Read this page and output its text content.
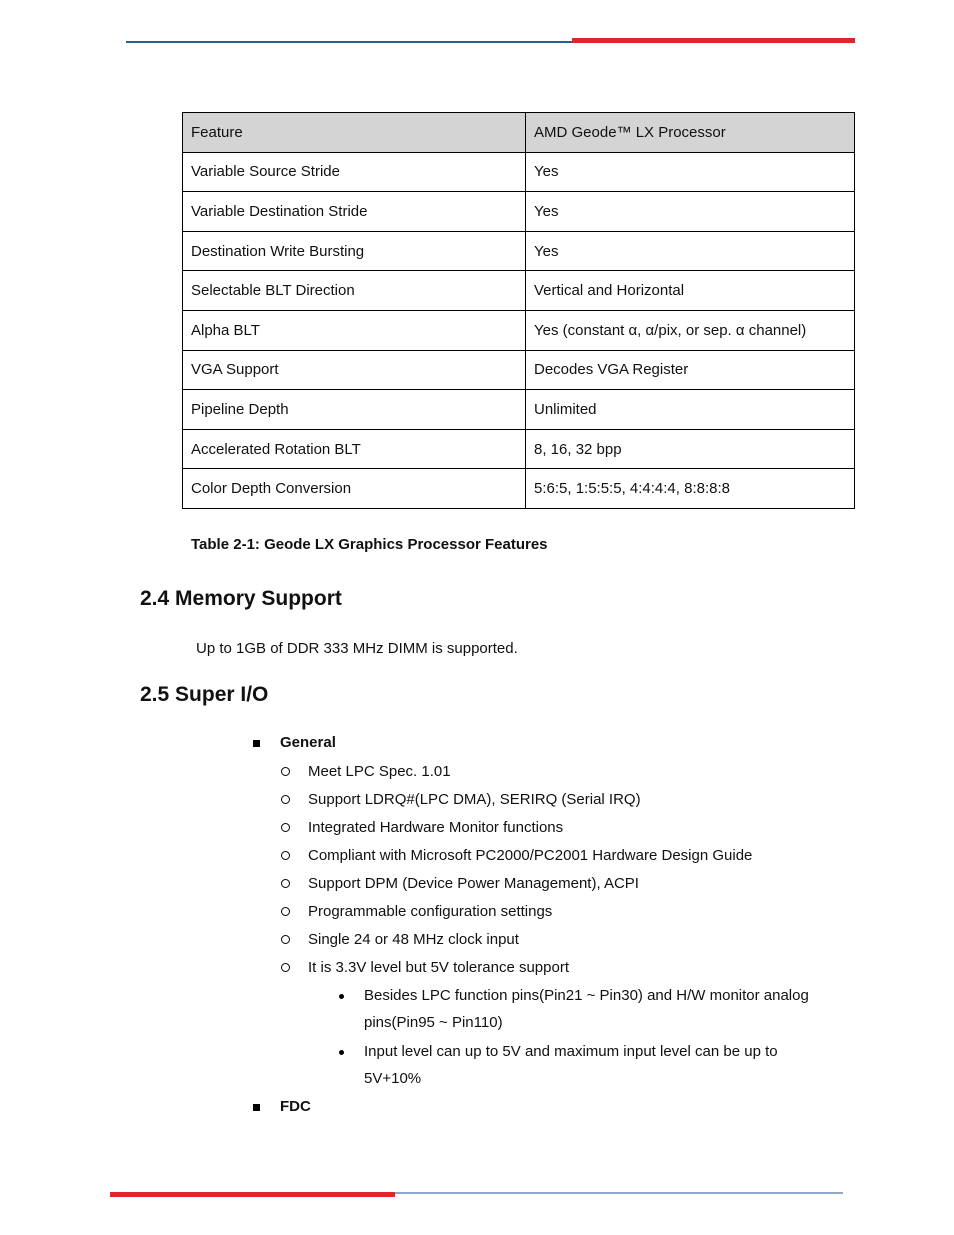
Feature	AMD Geode™ LX Processor
Variable Source Stride	Yes
Variable Destination Stride	Yes
Destination Write Bursting	Yes
Selectable BLT Direction	Vertical and Horizontal
Alpha BLT	Yes (constant α, α/pix, or sep. α channel)
VGA Support	Decodes VGA Register
Pipeline Depth	Unlimited
Accelerated Rotation BLT	8, 16, 32 bpp
Color Depth Conversion	5:6:5, 1:5:5:5, 4:4:4:4, 8:8:8:8
Table 2-1: Geode LX Graphics Processor Features
2.4 Memory Support
Up to 1GB of DDR 333 MHz DIMM is supported.
2.5 Super I/O
General
Meet LPC Spec. 1.01
Support LDRQ#(LPC DMA), SERIRQ (Serial IRQ)
Integrated Hardware Monitor functions
Compliant with Microsoft PC2000/PC2001 Hardware Design Guide
Support DPM (Device Power Management), ACPI
Programmable configuration settings
Single 24 or 48 MHz clock input
It is 3.3V level but 5V tolerance support
Besides LPC function pins(Pin21 ~ Pin30) and H/W monitor analog pins(Pin95 ~ Pin110)
Input level can up to 5V and maximum input level can be up to 5V+10%
FDC
